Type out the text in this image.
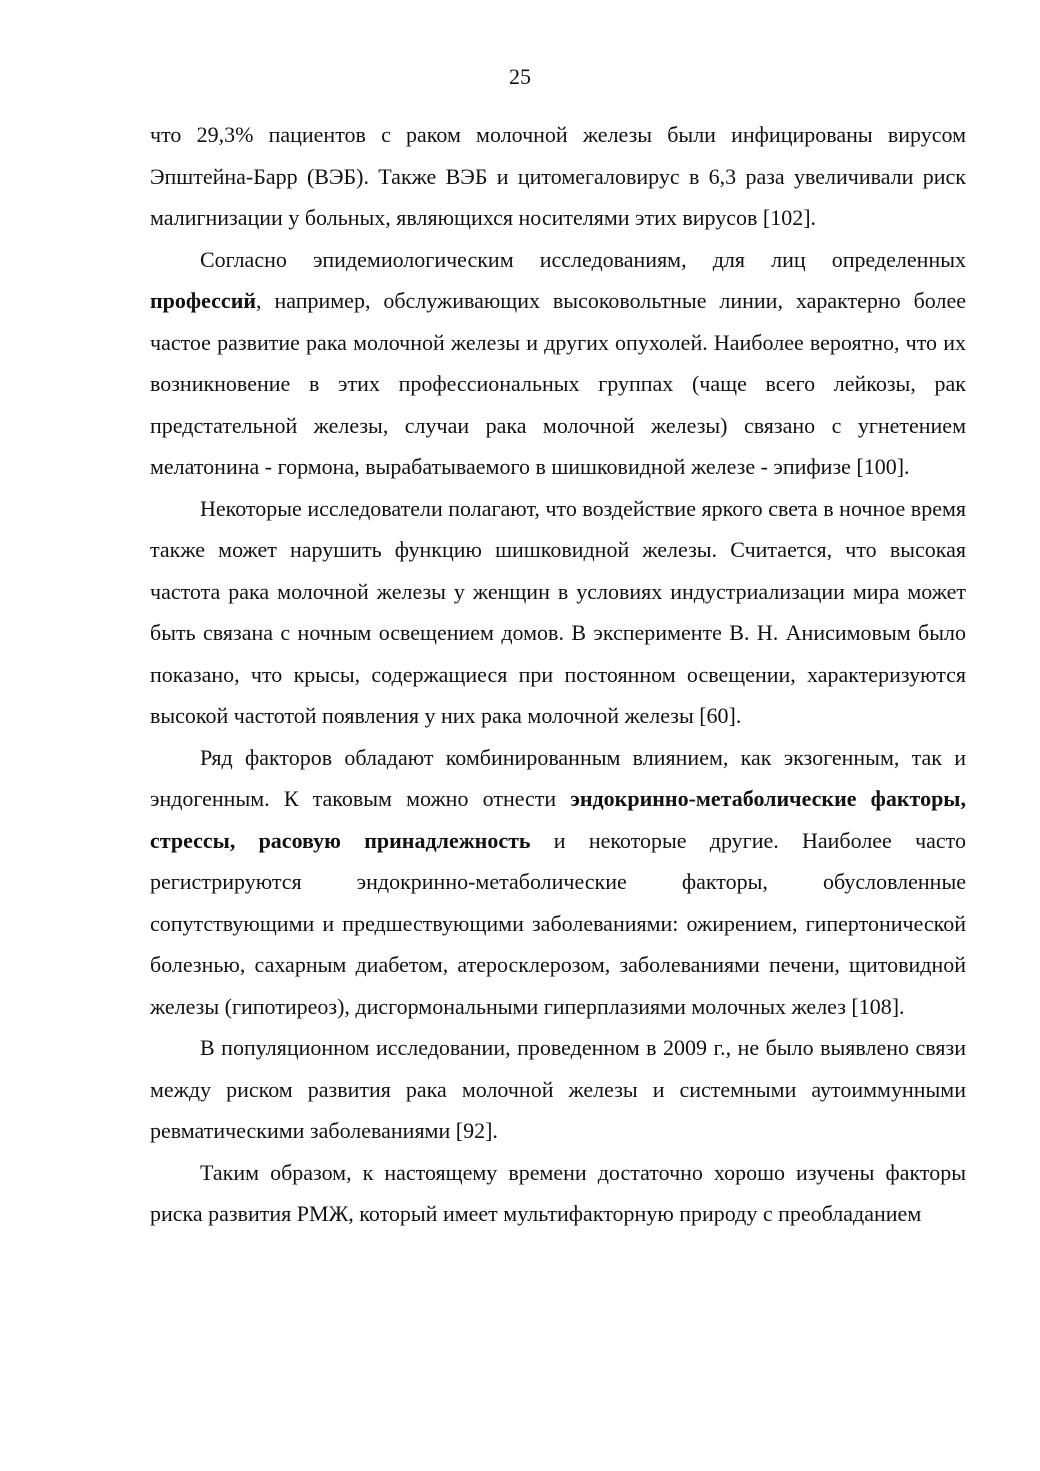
25

что 29,3% пациентов с раком молочной железы были инфицированы вирусом Эпштейна-Барр (ВЭБ). Также ВЭБ и цитомегаловирус в 6,3 раза увеличивали риск малигнизации у больных, являющихся носителями этих вирусов [102].

Согласно эпидемиологическим исследованиям, для лиц определенных профессий, например, обслуживающих высоковольтные линии, характерно более частое развитие рака молочной железы и других опухолей. Наиболее вероятно, что их возникновение в этих профессиональных группах (чаще всего лейкозы, рак предстательной железы, случаи рака молочной железы) связано с угнетением мелатонина - гормона, вырабатываемого в шишковидной железе - эпифизе [100].

Некоторые исследователи полагают, что воздействие яркого света в ночное время также может нарушить функцию шишковидной железы. Считается, что высокая частота рака молочной железы у женщин в условиях индустриализации мира может быть связана с ночным освещением домов. В эксперименте В. Н. Анисимовым было показано, что крысы, содержащиеся при постоянном освещении, характеризуются высокой частотой появления у них рака молочной железы [60].

Ряд факторов обладают комбинированным влиянием, как экзогенным, так и эндогенным. К таковым можно отнести эндокринно-метаболические факторы, стрессы, расовую принадлежность и некоторые другие. Наиболее часто регистрируются эндокринно-метаболические факторы, обусловленные сопутствующими и предшествующими заболеваниями: ожирением, гипертонической болезнью, сахарным диабетом, атеросклерозом, заболеваниями печени, щитовидной железы (гипотиреоз), дисгормональными гиперплазиями молочных желез [108].

В популяционном исследовании, проведенном в 2009 г., не было выявлено связи между риском развития рака молочной железы и системными аутоиммунными ревматическими заболеваниями [92].

Таким образом, к настоящему времени достаточно хорошо изучены факторы риска развития РМЖ, который имеет мультифакторную природу с преобладанием
